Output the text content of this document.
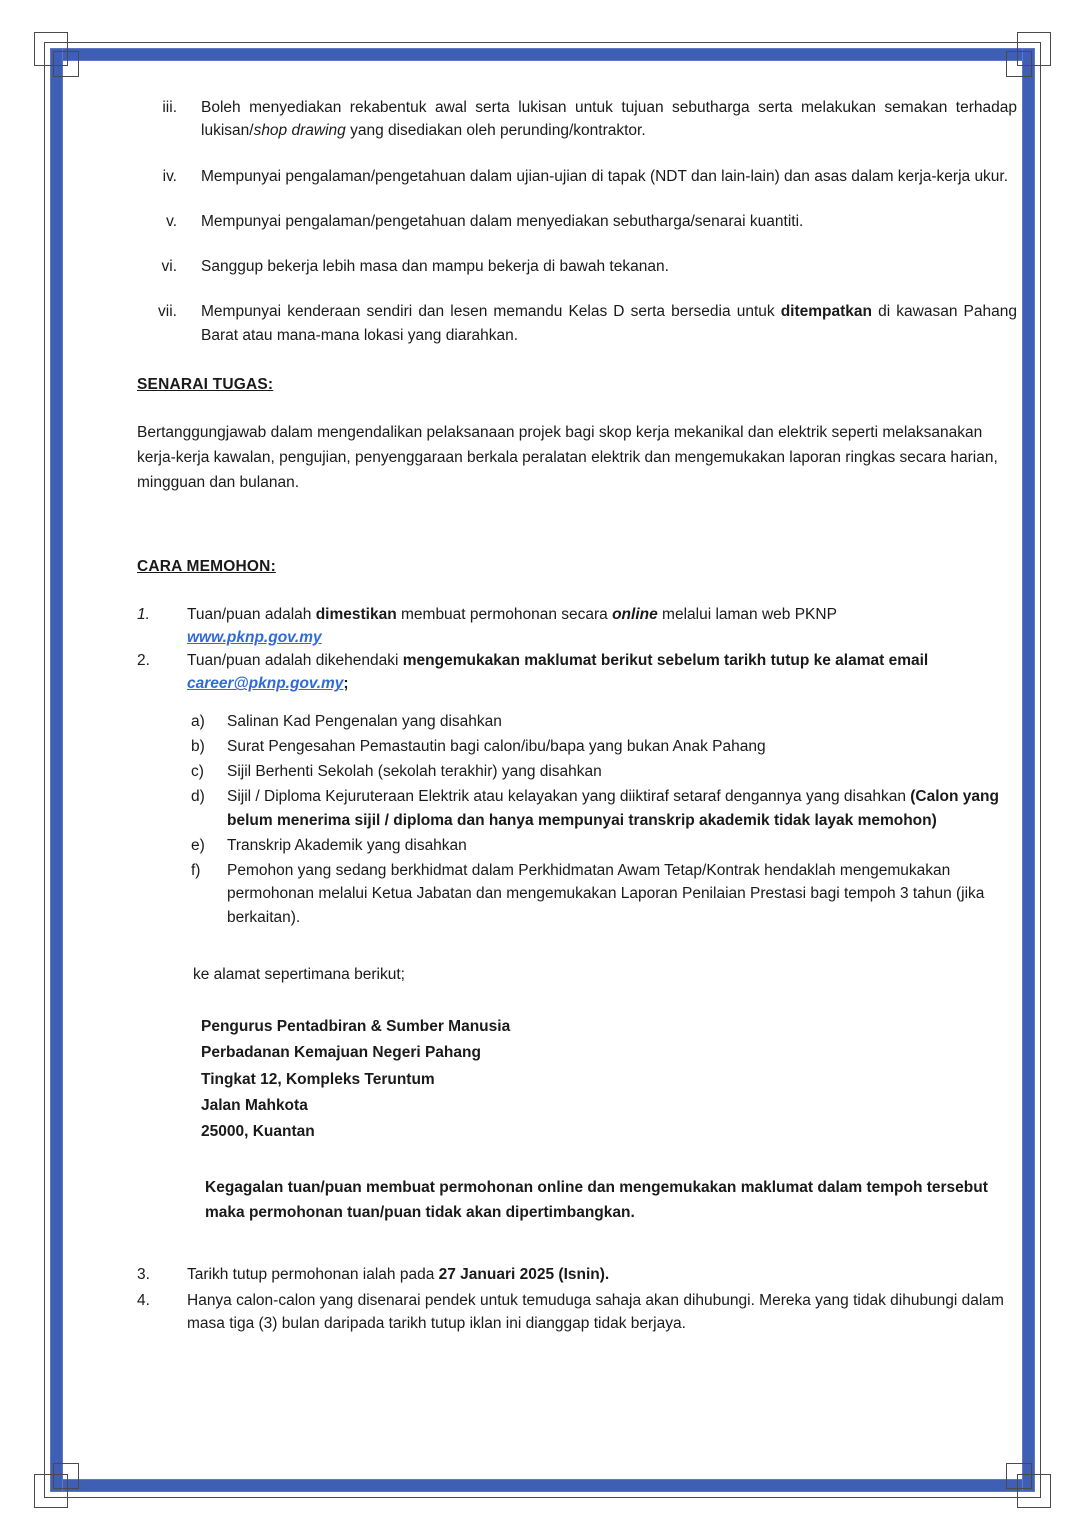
iii.	Boleh menyediakan rekabentuk awal serta lukisan untuk tujuan sebutharga serta melakukan semakan terhadap lukisan/shop drawing yang disediakan oleh perunding/kontraktor.
iv.	Mempunyai pengalaman/pengetahuan dalam ujian-ujian di tapak (NDT dan lain-lain) dan asas dalam kerja-kerja ukur.
v.	Mempunyai pengalaman/pengetahuan dalam menyediakan sebutharga/senarai kuantiti.
vi.	Sanggup bekerja lebih masa dan mampu bekerja di bawah tekanan.
vii.	Mempunyai kenderaan sendiri dan lesen memandu Kelas D serta bersedia untuk ditempatkan di kawasan Pahang Barat atau mana-mana lokasi yang diarahkan.
SENARAI TUGAS:
Bertanggungjawab dalam mengendalikan pelaksanaan projek bagi skop kerja mekanikal dan elektrik seperti melaksanakan kerja-kerja kawalan, pengujian, penyenggaraan berkala peralatan elektrik dan mengemukakan laporan ringkas secara harian, mingguan dan bulanan.
CARA MEMOHON:
1.	Tuan/puan adalah dimestikan membuat permohonan secara online melalui laman web PKNP
www.pknp.gov.my
2.	Tuan/puan adalah dikehendaki mengemukakan maklumat berikut sebelum tarikh tutup ke alamat email career@pknp.gov.my;
a)	Salinan Kad Pengenalan yang disahkan
b)	Surat Pengesahan Pemastautin bagi calon/ibu/bapa yang bukan Anak Pahang
c)	Sijil Berhenti Sekolah (sekolah terakhir) yang disahkan
d)	Sijil / Diploma Kejuruteraan Elektrik atau kelayakan yang diiktiraf setaraf dengannya yang disahkan (Calon yang belum menerima sijil / diploma dan hanya mempunyai transkrip akademik tidak layak memohon)
e)	Transkrip Akademik yang disahkan
f)	Pemohon yang sedang berkhidmat dalam Perkhidmatan Awam Tetap/Kontrak hendaklah mengemukakan permohonan melalui Ketua Jabatan dan mengemukakan Laporan Penilaian Prestasi bagi tempoh 3 tahun (jika berkaitan).
ke alamat sepertimana berikut;
Pengurus Pentadbiran & Sumber Manusia
Perbadanan Kemajuan Negeri Pahang
Tingkat 12, Kompleks Teruntum
Jalan Mahkota
25000, Kuantan
Kegagalan tuan/puan membuat permohonan online dan mengemukakan maklumat dalam tempoh tersebut maka permohonan tuan/puan tidak akan dipertimbangkan.
3.	Tarikh tutup permohonan ialah pada 27 Januari 2025 (Isnin).
4.	Hanya calon-calon yang disenarai pendek untuk temuduga sahaja akan dihubungi. Mereka yang tidak dihubungi dalam masa tiga (3) bulan daripada tarikh tutup iklan ini dianggap tidak berjaya.
